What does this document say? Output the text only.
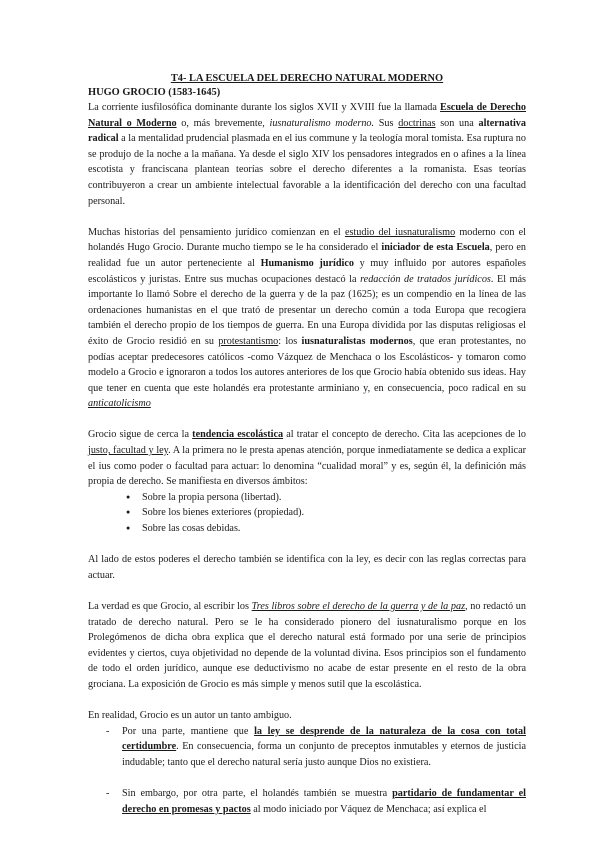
T4- LA ESCUELA DEL DERECHO NATURAL MODERNO
HUGO GROCIO (1583-1645)

La corriente iusfilosófica dominante durante los siglos XVII y XVIII fue la llamada Escuela de Derecho Natural o Moderno o, más brevemente, iusnaturalismo moderno. Sus doctrinas son una alternativa radical a la mentalidad prudencial plasmada en el ius commune y la teología moral tomista. Esa ruptura no se produjo de la noche a la mañana. Ya desde el siglo XIV los pensadores integrados en o afines a la línea escotista y franciscana plantean teorías sobre el derecho diferentes a la romanista. Esas teorías contribuyeron a crear un ambiente intelectual favorable a la identificación del derecho con una facultad personal.

Muchas historias del pensamiento jurídico comienzan en el estudio del iusnaturalismo moderno con el holandés Hugo Grocio. Durante mucho tiempo se le ha considerado el iniciador de esta Escuela, pero en realidad fue un autor perteneciente al Humanismo jurídico y muy influido por autores españoles escolásticos y juristas. Entre sus muchas ocupaciones destacó la redacción de tratados jurídicos. El más importante lo llamó Sobre el derecho de la guerra y de la paz (1625); es un compendio en la línea de las ordenaciones humanistas en el que trató de presentar un derecho común a toda Europa que recogiera también el derecho propio de los tiempos de guerra. En una Europa dividida por las disputas religiosas el éxito de Grocio residió en su protestantismo: los iusnaturalistas modernos, que eran protestantes, no podías aceptar predecesores católicos -como Vázquez de Menchaca o los Escolásticos- y tomaron como modelo a Grocio e ignoraron a todos los autores anteriores de los que Grocio había obtenido sus ideas. Hay que tener en cuenta que este holandés era protestante arminiano y, en consecuencia, poco radical en su anticatolicismo

Grocio sigue de cerca la tendencia escolástica al tratar el concepto de derecho. Cita las acepciones de lo justo, facultad y ley. A la primera no le presta apenas atención, porque inmediatamente se dedica a explicar el ius como poder o facultad para actuar: lo denomina “cualidad moral” y es, según él, la definición más propia de derecho. Se manifiesta en diversos ámbitos:

● Sobre la propia persona (libertad).
● Sobre los bienes exteriores (propiedad).
● Sobre las cosas debidas.

Al lado de estos poderes el derecho también se identifica con la ley, es decir con las reglas correctas para actuar.

La verdad es que Grocio, al escribir los Tres libros sobre el derecho de la guerra y de la paz, no redactó un tratado de derecho natural. Pero se le ha considerado pionero del iusnaturalismo porque en los Prolegómenos de dicha obra explica que el derecho natural está formado por una serie de principios evidentes y ciertos, cuya objetividad no depende de la voluntad divina. Esos principios son el fundamento de todo el orden jurídico, aunque ese deductivismo no acabe de estar presente en el resto de la obra grociana. La exposición de Grocio es más simple y menos sutil que la escolástica.

En realidad, Grocio es un autor un tanto ambiguo.

- Por una parte, mantiene que la ley se desprende de la naturaleza de la cosa con total certidumbre. En consecuencia, forma un conjunto de preceptos inmutables y eternos de justicia indudable; tanto que el derecho natural sería justo aunque Dios no existiera.
- Sin embargo, por otra parte, el holandés también se muestra partidario de fundamentar el derecho en promesas y pactos al modo iniciado por Váquez de Menchaca; así explica el
